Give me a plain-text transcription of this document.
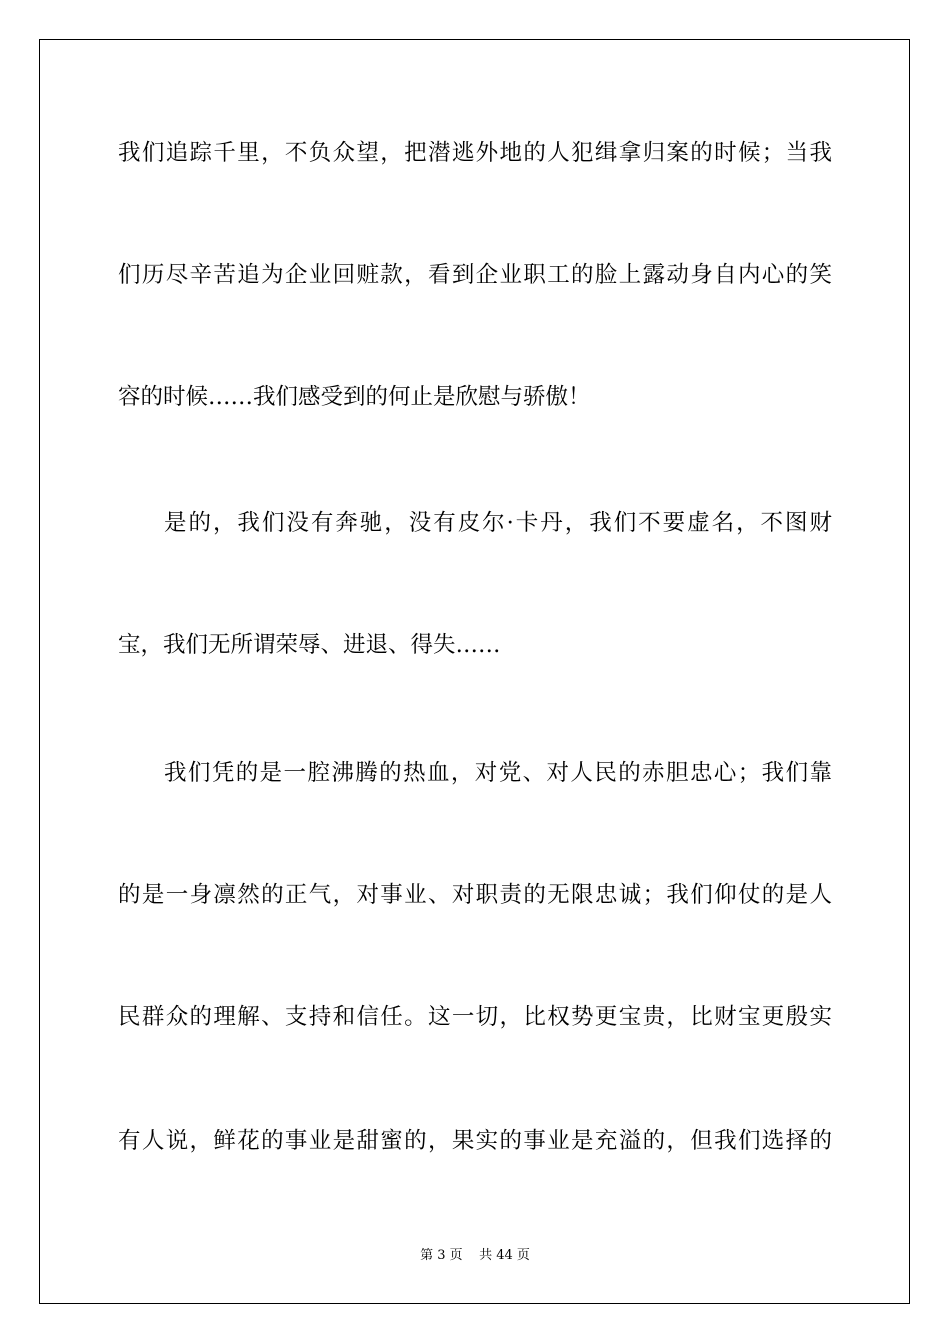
我们追踪千里，不负众望，把潜逃外地的人犯缉拿归案的时候；当我
们历尽辛苦追为企业回赃款，看到企业职工的脸上露动身自内心的笑
容的时候……我们感受到的何止是欣慰与骄傲！
是的，我们没有奔驰，没有皮尔·卡丹，我们不要虚名，不图财
宝，我们无所谓荣辱、进退、得失……
我们凭的是一腔沸腾的热血，对党、对人民的赤胆忠心；我们靠
的是一身凛然的正气，对事业、对职责的无限忠诚；我们仰仗的是人
民群众的理解、支持和信任。这一切，比权势更宝贵，比财宝更殷实
有人说，鲜花的事业是甜蜜的，果实的事业是充溢的，但我们选择的
第 3 页    共 44 页
